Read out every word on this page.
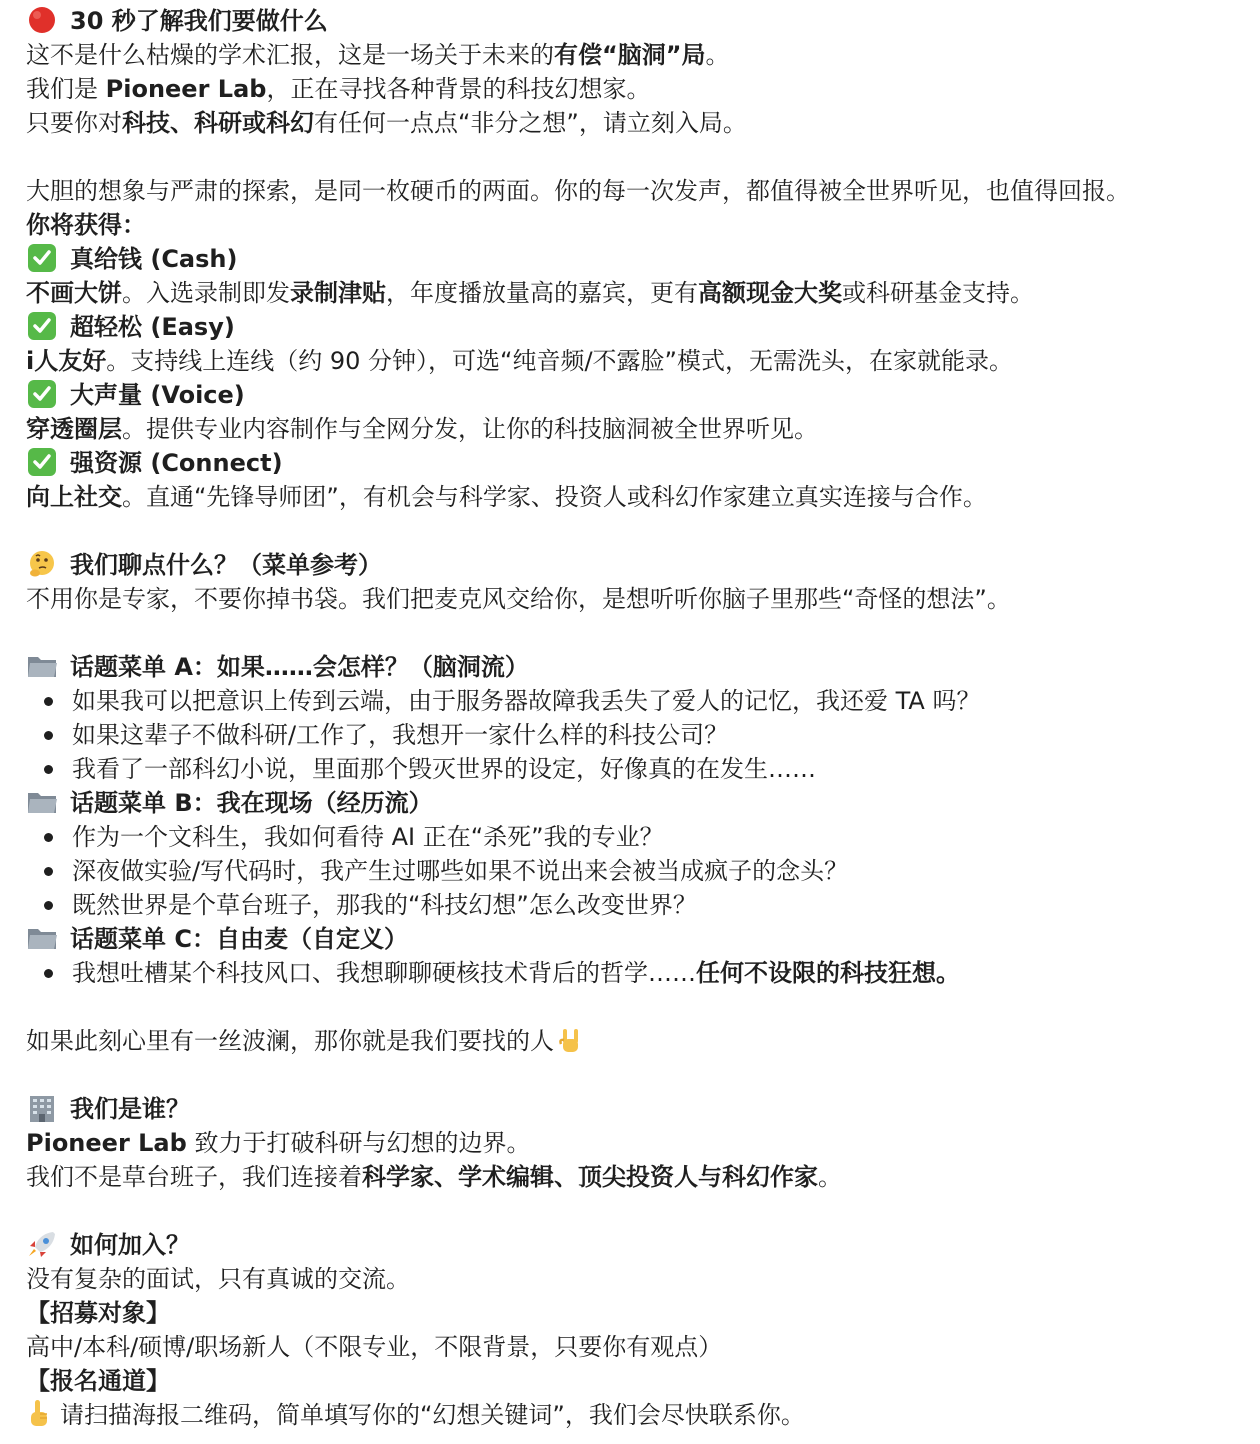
30 秒了解我们要做什么
这不是什么枯燥的学术汇报，这是一场关于未来的有偿“脑洞”局。
我们是 Pioneer Lab，正在寻找各种背景的科技幻想家。
只要你对科技、科研或科幻有任何一点点“非分之想”，请立刻入局。
大胆的想象与严肃的探索，是同一枚硬币的两面。你的每一次发声，都值得被全世界听见，也值得回报。
你将获得：
真给钱 (Cash)
不画大饼。入选录制即发录制津贴，年度播放量高的嘉宾，更有高额现金大奖或科研基金支持。
超轻松 (Easy)
i人友好。支持线上连线（约 90 分钟），可选“纯音频/不露脸”模式，无需洗头，在家就能录。
大声量 (Voice)
穿透圈层。提供专业内容制作与全网分发，让你的科技脑洞被全世界听见。
强资源 (Connect)
向上社交。直通“先锋导师团”，有机会与科学家、投资人或科幻作家建立真实连接与合作。
我们聊点什么？（菜单参考）
不用你是专家，不要你掉书袋。我们把麦克风交给你，是想听听你脑子里那些“奇怪的想法”。
话题菜单 A：如果……会怎样？（脑洞流）
如果我可以把意识上传到云端，由于服务器故障我丢失了爱人的记忆，我还爱 TA 吗？
如果这辈子不做科研/工作了，我想开一家什么样的科技公司？
我看了一部科幻小说，里面那个毁灭世界的设定，好像真的在发生……
话题菜单 B：我在现场（经历流）
作为一个文科生，我如何看待 AI 正在“杀死”我的专业？
深夜做实验/写代码时，我产生过哪些如果不说出来会被当成疯子的念头？
既然世界是个草台班子，那我的“科技幻想”怎么改变世界？
话题菜单 C：自由麦（自定义）
我想吐槽某个科技风口、我想聊聊硬核技术背后的哲学……任何不设限的科技狂想。
如果此刻心里有一丝波澜，那你就是我们要找的人
我们是谁？
Pioneer Lab 致力于打破科研与幻想的边界。
我们不是草台班子，我们连接着科学家、学术编辑、顶尖投资人与科幻作家。
如何加入？
没有复杂的面试，只有真诚的交流。
【招募对象】
高中/本科/硕博/职场新人（不限专业，不限背景，只要你有观点）
【报名通道】
请扫描海报二维码，简单填写你的“幻想关键词”，我们会尽快联系你。
